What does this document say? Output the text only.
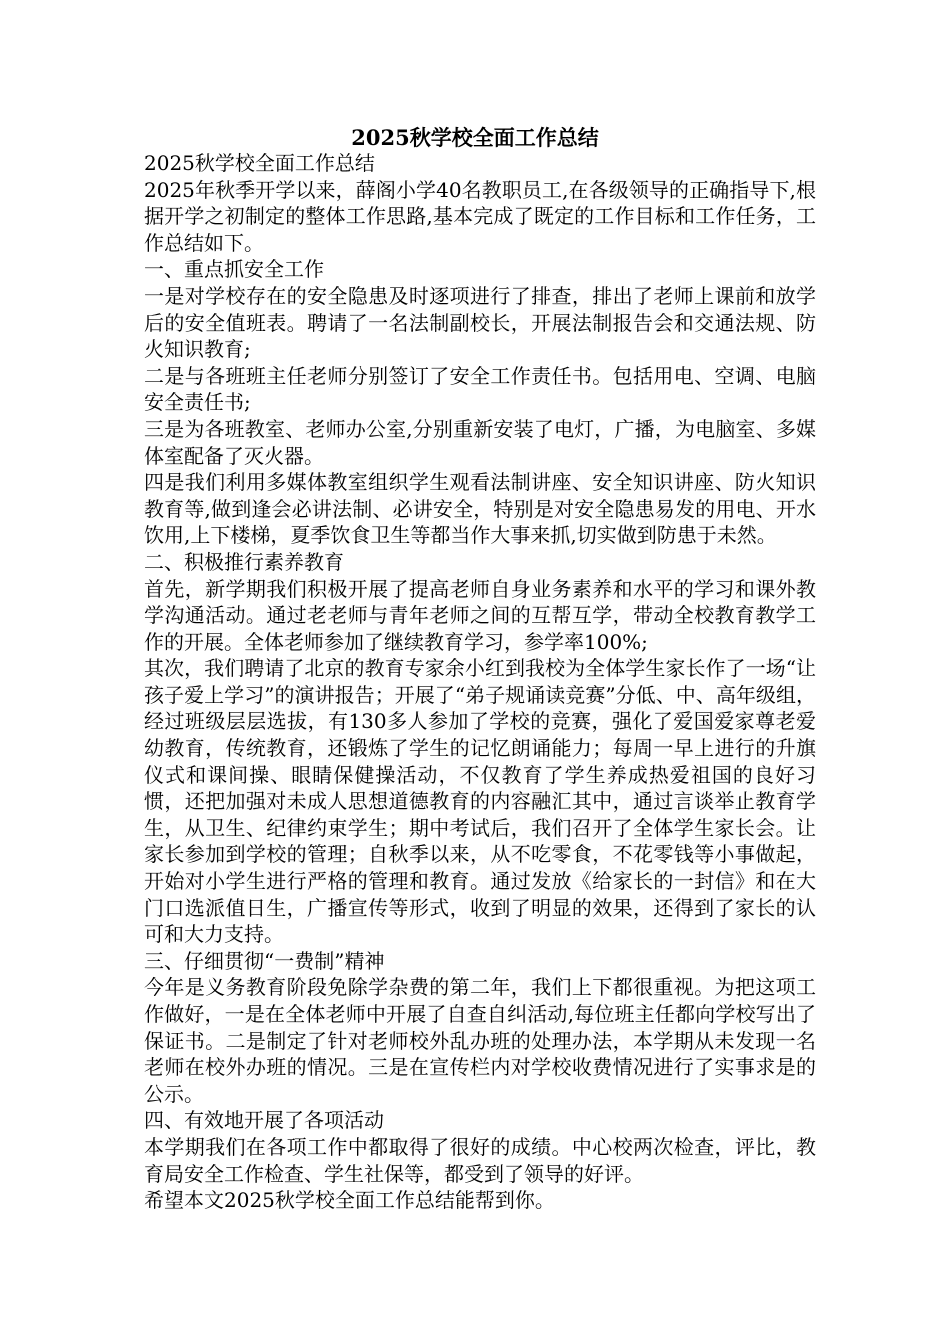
2025秋学校全面工作总结

2025秋学校全面工作总结

2025年秋季开学以来，薛阁小学40名教职员工,在各级领导的正确指导下,根据开学之初制定的整体工作思路,基本完成了既定的工作目标和工作任务，工作总结如下。

一、重点抓安全工作

一是对学校存在的安全隐患及时逐项进行了排查，排出了老师上课前和放学后的安全值班表。聘请了一名法制副校长，开展法制报告会和交通法规、防火知识教育;

二是与各班班主任老师分别签订了安全工作责任书。包括用电、空调、电脑安全责任书;

三是为各班教室、老师办公室,分别重新安装了电灯，广播，为电脑室、多媒体室配备了灭火器。

四是我们利用多媒体教室组织学生观看法制讲座、安全知识讲座、防火知识教育等,做到逢会必讲法制、必讲安全，特别是对安全隐患易发的用电、开水饮用,上下楼梯，夏季饮食卫生等都当作大事来抓,切实做到防患于未然。

二、积极推行素养教育

首先，新学期我们积极开展了提高老师自身业务素养和水平的学习和课外教学沟通活动。通过老老师与青年老师之间的互帮互学，带动全校教育教学工作的开展。全体老师参加了继续教育学习，参学率100%;

其次，我们聘请了北京的教育专家余小红到我校为全体学生家长作了一场“让孩子爱上学习”的演讲报告；开展了“弟子规诵读竞赛”分低、中、高年级组，经过班级层层选拔，有130多人参加了学校的竞赛，强化了爱国爱家尊老爱幼教育，传统教育，还锻炼了学生的记忆朗诵能力；每周一早上进行的升旗仪式和课间操、眼睛保健操活动，不仅教育了学生养成热爱祖国的良好习惯，还把加强对未成人思想道德教育的内容融汇其中，通过言谈举止教育学生，从卫生、纪律约束学生；期中考试后，我们召开了全体学生家长会。让家长参加到学校的管理；自秋季以来，从不吃零食，不花零钱等小事做起，开始对小学生进行严格的管理和教育。通过发放《给家长的一封信》和在大门口选派值日生，广播宣传等形式，收到了明显的效果，还得到了家长的认可和大力支持。

三、仔细贯彻“一费制”精神

今年是义务教育阶段免除学杂费的第二年，我们上下都很重视。为把这项工作做好，一是在全体老师中开展了自查自纠活动,每位班主任都向学校写出了保证书。二是制定了针对老师校外乱办班的处理办法，本学期从未发现一名老师在校外办班的情况。三是在宣传栏内对学校收费情况进行了实事求是的公示。

四、有效地开展了各项活动

本学期我们在各项工作中都取得了很好的成绩。中心校两次检查，评比，教育局安全工作检查、学生社保等，都受到了领导的好评。

希望本文2025秋学校全面工作总结能帮到你。
